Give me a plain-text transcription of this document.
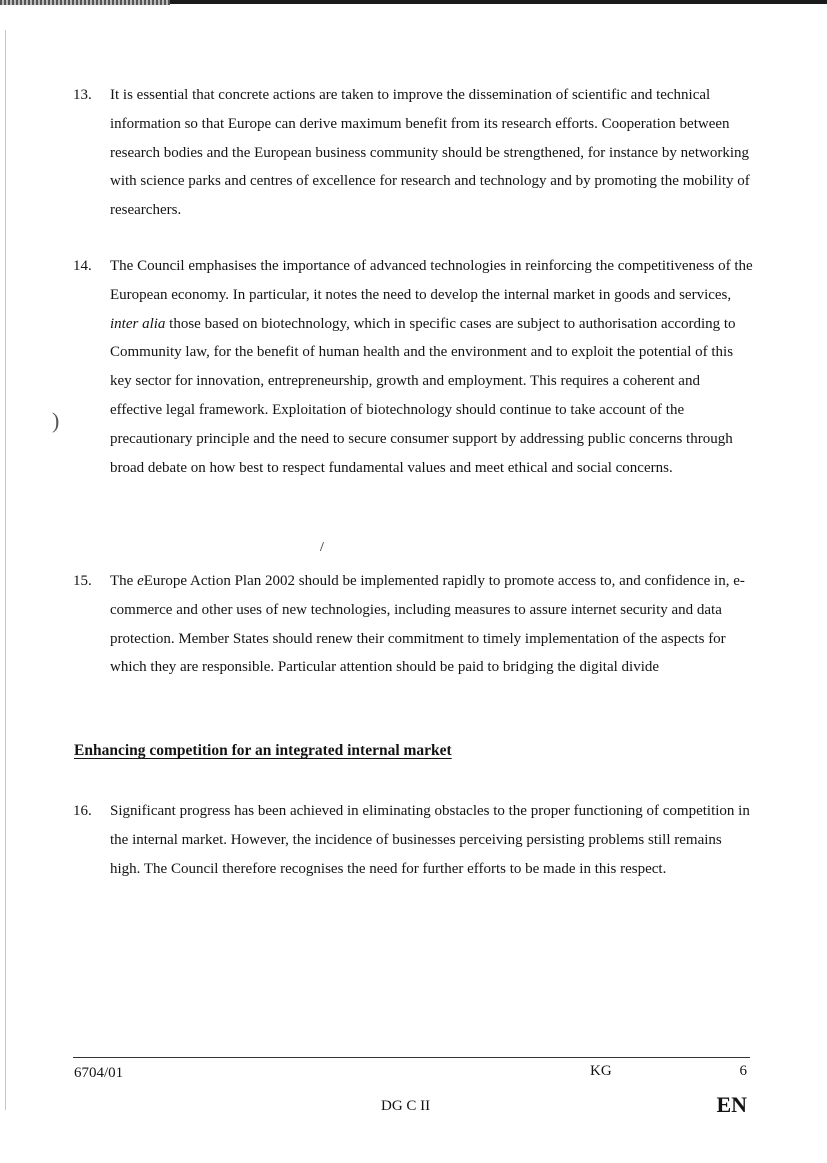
)
/
13. It is essential that concrete actions are taken to improve the dissemination of scientific and technical information so that Europe can derive maximum benefit from its research efforts. Cooperation between research bodies and the European business community should be strengthened, for instance by networking with science parks and centres of excellence for research and technology and by promoting the mobility of researchers.
14. The Council emphasises the importance of advanced technologies in reinforcing the competitiveness of the European economy. In particular, it notes the need to develop the internal market in goods and services, inter alia those based on biotechnology, which in specific cases are subject to authorisation according to Community law, for the benefit of human health and the environment and to exploit the potential of this key sector for innovation, entrepreneurship, growth and employment. This requires a coherent and effective legal framework. Exploitation of biotechnology should continue to take account of the precautionary principle and the need to secure consumer support by addressing public concerns through broad debate on how best to respect fundamental values and meet ethical and social concerns.
15. The eEurope Action Plan 2002 should be implemented rapidly to promote access to, and confidence in, e-commerce and other uses of new technologies, including measures to assure internet security and data protection. Member States should renew their commitment to timely implementation of the aspects for which they are responsible. Particular attention should be paid to bridging the digital divide
Enhancing competition for an integrated internal market
16. Significant progress has been achieved in eliminating obstacles to the proper functioning of competition in the internal market. However, the incidence of businesses perceiving persisting problems still remains high. The Council therefore recognises the need for further efforts to be made in this respect.
6704/01	KG	6
DG C II	EN
